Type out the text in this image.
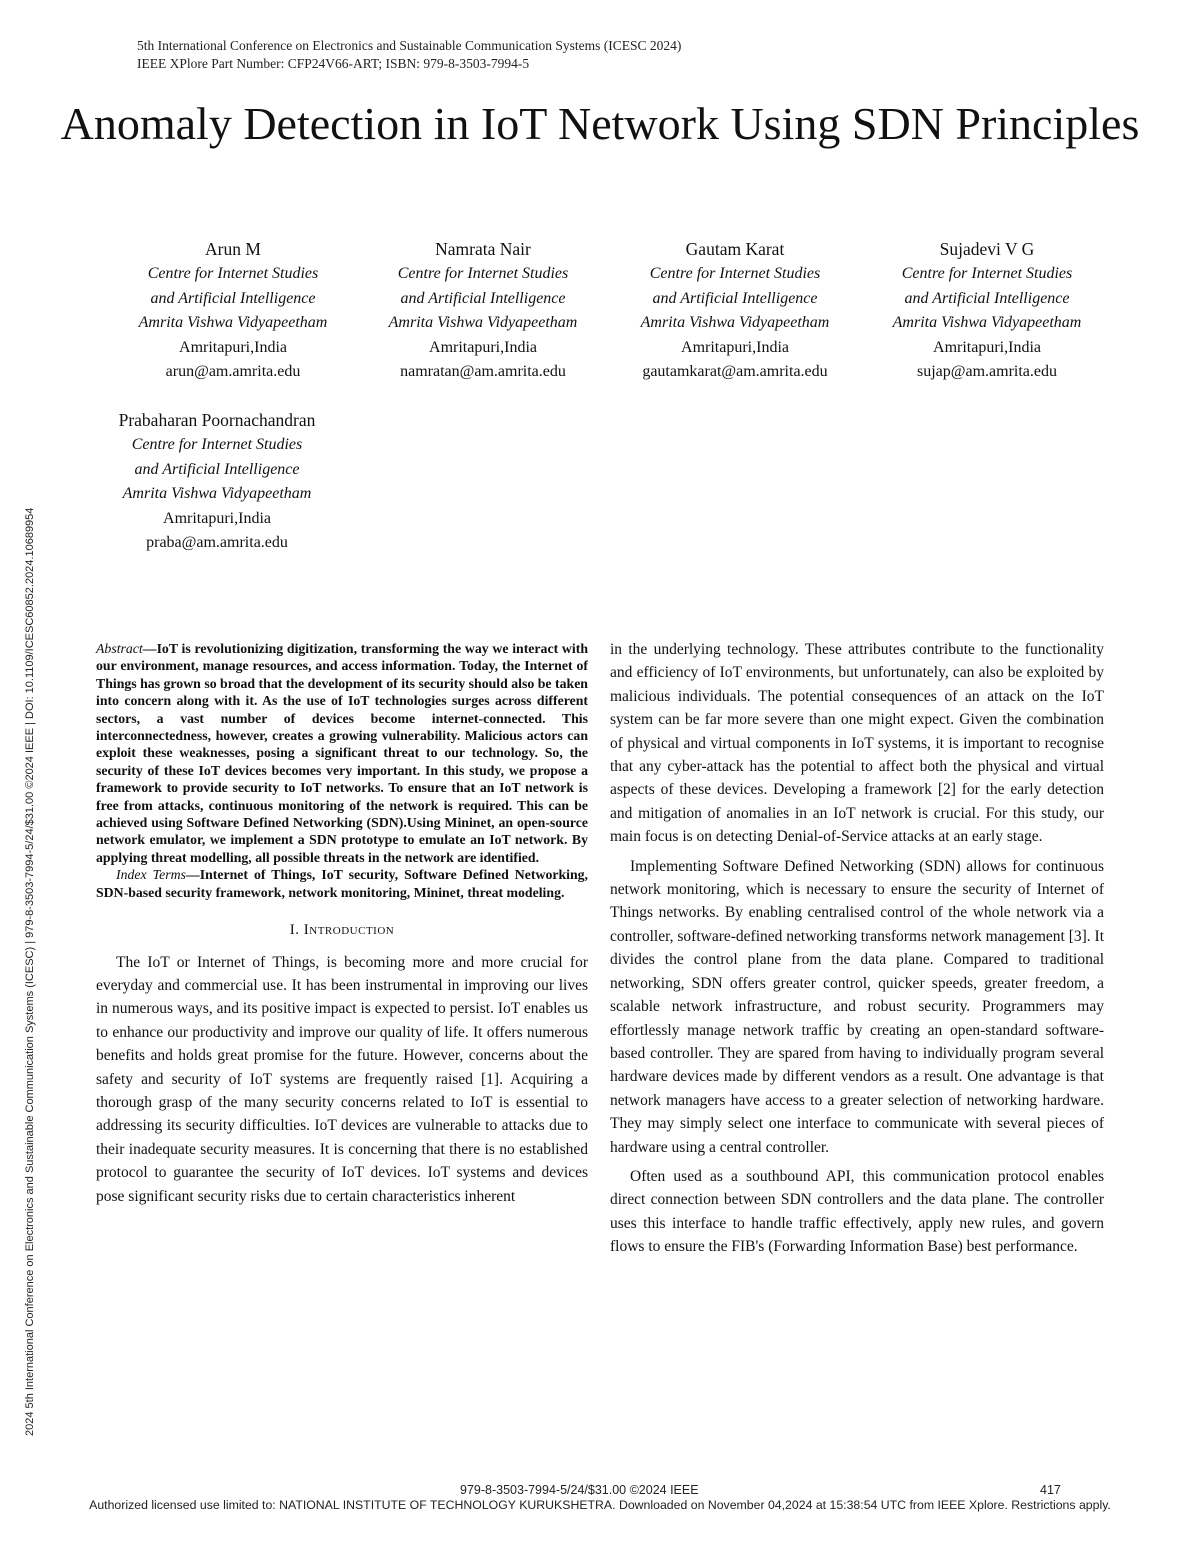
5th International Conference on Electronics and Sustainable Communication Systems (ICESC 2024)
IEEE XPlore Part Number: CFP24V66-ART; ISBN: 979-8-3503-7994-5
Anomaly Detection in IoT Network Using SDN Principles
2024 5th International Conference on Electronics and Sustainable Communication Systems (ICESC) | 979-8-3503-7994-5/24/$31.00 ©2024 IEEE | DOI: 10.1109/ICESC60852.2024.10689954
Arun M
Centre for Internet Studies
and Artificial Intelligence
Amrita Vishwa Vidyapeetham
Amritapuri,India
arun@am.amrita.edu
Namrata Nair
Centre for Internet Studies
and Artificial Intelligence
Amrita Vishwa Vidyapeetham
Amritapuri,India
namratan@am.amrita.edu
Gautam Karat
Centre for Internet Studies
and Artificial Intelligence
Amrita Vishwa Vidyapeetham
Amritapuri,India
gautamkarat@am.amrita.edu
Sujadevi V G
Centre for Internet Studies
and Artificial Intelligence
Amrita Vishwa Vidyapeetham
Amritapuri,India
sujap@am.amrita.edu
Prabaharan Poornachandran
Centre for Internet Studies
and Artificial Intelligence
Amrita Vishwa Vidyapeetham
Amritapuri,India
praba@am.amrita.edu

Abstract—IoT is revolutionizing digitization, transforming the way we interact with our environment, manage resources, and access information. Today, the Internet of Things has grown so broad that the development of its security should also be taken into concern along with it. As the use of IoT technologies surges across different sectors, a vast number of devices become internet-connected. This interconnectedness, however, creates a growing vulnerability. Malicious actors can exploit these weaknesses, posing a significant threat to our technology. So, the security of these IoT devices becomes very important. In this study, we propose a framework to provide security to IoT networks. To ensure that an IoT network is free from attacks, continuous monitoring of the network is required. This can be achieved using Software Defined Networking (SDN).Using Mininet, an open-source network emulator, we implement a SDN prototype to emulate an IoT network. By applying threat modelling, all possible threats in the network are identified.

Index Terms—Internet of Things, IoT security, Software Defined Networking, SDN-based security framework, network monitoring, Mininet, threat modeling.

I. Introduction

The IoT or Internet of Things, is becoming more and more crucial for everyday and commercial use. It has been instrumental in improving our lives in numerous ways, and its positive impact is expected to persist. IoT enables us to enhance our productivity and improve our quality of life. It offers numerous benefits and holds great promise for the future. However, concerns about the safety and security of IoT systems are frequently raised [1]. Acquiring a thorough grasp of the many security concerns related to IoT is essential to addressing its security difficulties. IoT devices are vulnerable to attacks due to their inadequate security measures. It is concerning that there is no established protocol to guarantee the security of IoT devices. IoT systems and devices pose significant security risks due to certain characteristics inherent

in the underlying technology. These attributes contribute to the functionality and efficiency of IoT environments, but unfortunately, can also be exploited by malicious individuals. The potential consequences of an attack on the IoT system can be far more severe than one might expect. Given the combination of physical and virtual components in IoT systems, it is important to recognise that any cyber-attack has the potential to affect both the physical and virtual aspects of these devices. Developing a framework [2] for the early detection and mitigation of anomalies in an IoT network is crucial. For this study, our main focus is on detecting Denial-of-Service attacks at an early stage.

Implementing Software Defined Networking (SDN) allows for continuous network monitoring, which is necessary to ensure the security of Internet of Things networks. By enabling centralised control of the whole network via a controller, software-defined networking transforms network management [3]. It divides the control plane from the data plane. Compared to traditional networking, SDN offers greater control, quicker speeds, greater freedom, a scalable network infrastructure, and robust security. Programmers may effortlessly manage network traffic by creating an open-standard software-based controller. They are spared from having to individually program several hardware devices made by different vendors as a result. One advantage is that network managers have access to a greater selection of networking hardware. They may simply select one interface to communicate with several pieces of hardware using a central controller.

Often used as a southbound API, this communication protocol enables direct connection between SDN controllers and the data plane. The controller uses this interface to handle traffic effectively, apply new rules, and govern flows to ensure the FIB's (Forwarding Information Base) best performance.

979-8-3503-7994-5/24/$31.00 ©2024 IEEE	417
Authorized licensed use limited to: NATIONAL INSTITUTE OF TECHNOLOGY KURUKSHETRA. Downloaded on November 04,2024 at 15:38:54 UTC from IEEE Xplore. Restrictions apply.
